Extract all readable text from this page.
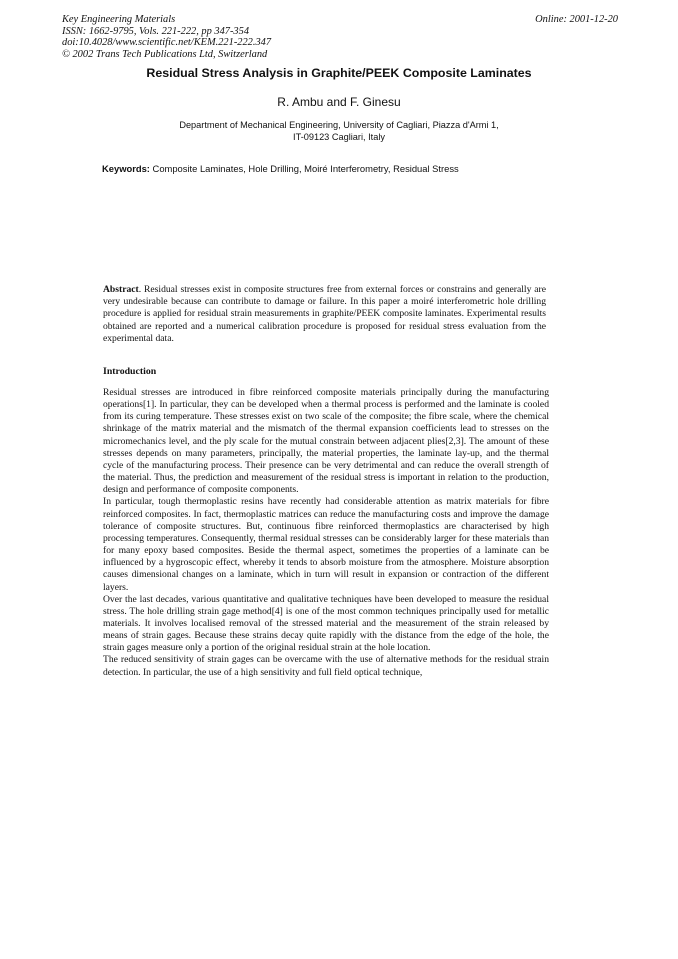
Key Engineering Materials
ISSN: 1662-9795, Vols. 221-222, pp 347-354
doi:10.4028/www.scientific.net/KEM.221-222.347
© 2002 Trans Tech Publications Ltd, Switzerland
Online: 2001-12-20
Residual Stress Analysis in Graphite/PEEK Composite Laminates
R. Ambu and F. Ginesu
Department of Mechanical Engineering, University of Cagliari, Piazza d'Armi 1,
IT-09123 Cagliari, Italy
Keywords: Composite Laminates, Hole Drilling, Moiré Interferometry, Residual Stress
Abstract. Residual stresses exist in composite structures free from external forces or constrains and generally are very undesirable because can contribute to damage or failure. In this paper a moiré interferometric hole drilling procedure is applied for residual strain measurements in graphite/PEEK composite laminates. Experimental results obtained are reported and a numerical calibration procedure is proposed for residual stress evaluation from the experimental data.
Introduction

Residual stresses are introduced in fibre reinforced composite materials principally during the manufacturing operations[1]. In particular, they can be developed when a thermal process is performed and the laminate is cooled from its curing temperature. These stresses exist on two scale of the composite; the fibre scale, where the chemical shrinkage of the matrix material and the mismatch of the thermal expansion coefficients lead to stresses on the micromechanics level, and the ply scale for the mutual constrain between adjacent plies[2,3]. The amount of these stresses depends on many parameters, principally, the material properties, the laminate lay-up, and the thermal cycle of the manufacturing process. Their presence can be very detrimental and can reduce the overall strength of the material. Thus, the prediction and measurement of the residual stress is important in relation to the production, design and performance of composite components.

In particular, tough thermoplastic resins have recently had considerable attention as matrix materials for fibre reinforced composites. In fact, thermoplastic matrices can reduce the manufacturing costs and improve the damage tolerance of composite structures. But, continuous fibre reinforced thermoplastics are characterised by high processing temperatures. Consequently, thermal residual stresses can be considerably larger for these materials than for many epoxy based composites. Beside the thermal aspect, sometimes the properties of a laminate can be influenced by a hygroscopic effect, whereby it tends to absorb moisture from the atmosphere. Moisture absorption causes dimensional changes on a laminate, which in turn will result in expansion or contraction of the different layers.

Over the last decades, various quantitative and qualitative techniques have been developed to measure the residual stress. The hole drilling strain gage method[4] is one of the most common techniques principally used for metallic materials. It involves localised removal of the stressed material and the measurement of the strain released by means of strain gages. Because these strains decay quite rapidly with the distance from the edge of the hole, the strain gages measure only a portion of the original residual strain at the hole location.

The reduced sensitivity of strain gages can be overcame with the use of alternative methods for the residual strain detection. In particular, the use of a high sensitivity and full field optical technique,
